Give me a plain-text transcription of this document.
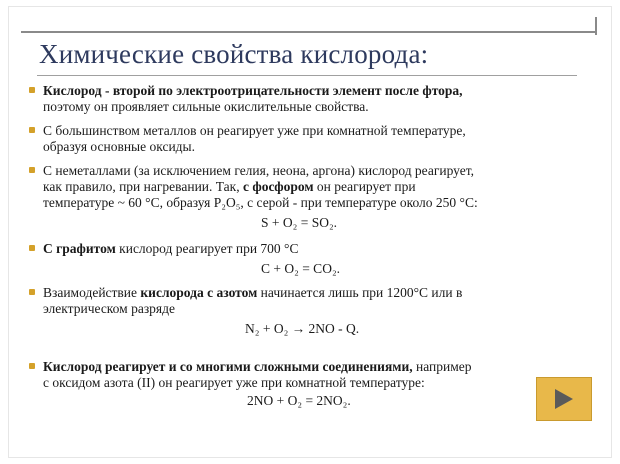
Химические свойства кислорода:
Кислород - второй по электроотрицательности элемент после фтора,
поэтому он проявляет сильные окислительные свойства.
С большинством металлов он реагирует уже при комнатной температуре,
образуя основные оксиды.
С неметаллами (за исключением гелия, неона, аргона) кислород реагирует,
как правило, при нагревании. Так, с фосфором он реагирует при
температуре ~ 60 °С, образуя P₂O₅, с серой - при температуре около 250 °С:
S + O₂ = SO₂.
С графитом кислород реагирует при 700 °С
C + O₂ = CO₂.
Взаимодействие кислорода с азотом начинается лишь при 1200°С или в
электрическом разряде
N₂ + O₂ → 2NO - Q.
Кислород реагирует и со многими сложными соединениями, например
с оксидом азота (II) он реагирует уже при комнатной температуре:
2NO + O₂ = 2NO₂.
